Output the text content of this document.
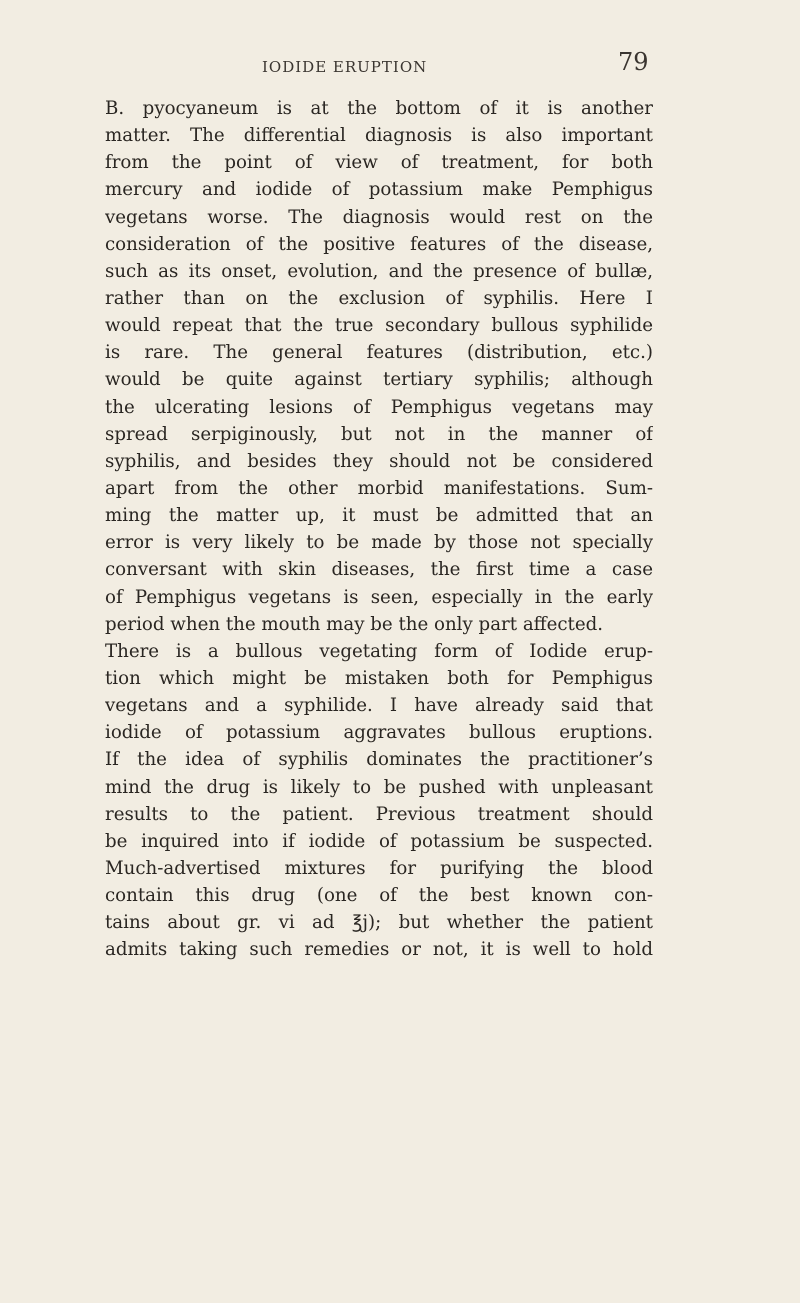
IODIDE ERUPTION	79
B. pyocyaneum is at the bottom of it is another
matter. The differential diagnosis is also important
from the point of view of treatment, for both
mercury and iodide of potassium make Pemphigus
vegetans worse. The diagnosis would rest on the
consideration of the positive features of the disease,
such as its onset, evolution, and the presence of bullæ,
rather than on the exclusion of syphilis. Here I
would repeat that the true secondary bullous syphilide
is rare. The general features (distribution, etc.)
would be quite against tertiary syphilis; although
the ulcerating lesions of Pemphigus vegetans may
spread serpiginously, but not in the manner of
syphilis, and besides they should not be considered
apart from the other morbid manifestations. Sum-
ming the matter up, it must be admitted that an
error is very likely to be made by those not specially
conversant with skin diseases, the first time a case
of Pemphigus vegetans is seen, especially in the early
period when the mouth may be the only part affected.
There is a bullous vegetating form of Iodide erup-
tion which might be mistaken both for Pemphigus
vegetans and a syphilide. I have already said that
iodide of potassium aggravates bullous eruptions.
If the idea of syphilis dominates the practitioner’s
mind the drug is likely to be pushed with unpleasant
results to the patient. Previous treatment should
be inquired into if iodide of potassium be suspected.
Much-advertised mixtures for purifying the blood
contain this drug (one of the best known con-
tains about gr. vi ad ℥j); but whether the patient
admits taking such remedies or not, it is well to hold
